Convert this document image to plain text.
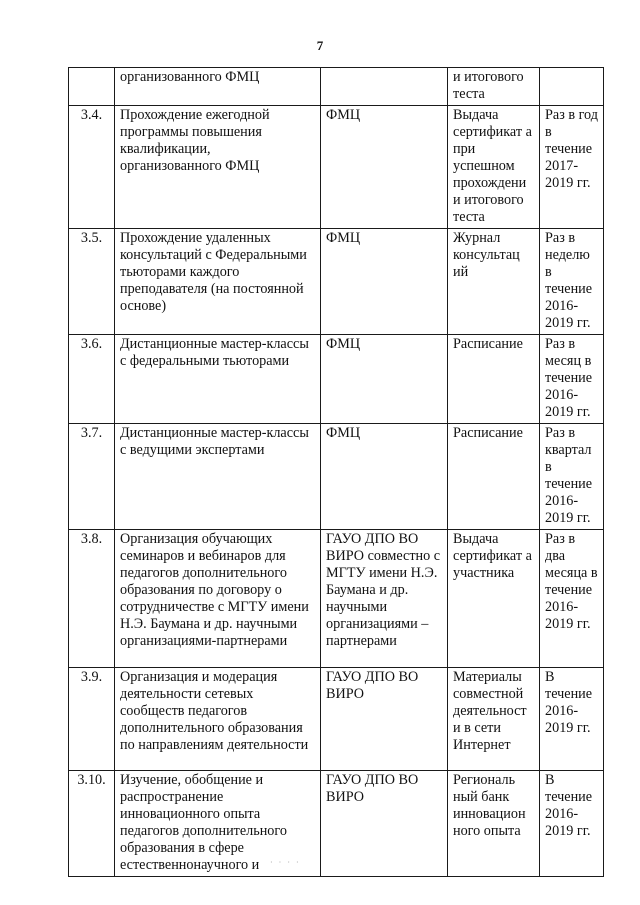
7
	организованного ФМЦ		и итогового теста	
3.4.	Прохождение ежегодной программы повышения квалификации, организованного ФМЦ	ФМЦ	Выдача сертификат а при успешном прохождени и итогового теста	Раз в год в течение 2017-2019 гг.
3.5.	Прохождение удаленных консультаций с Федеральными тьюторами каждого преподавателя (на постоянной основе)	ФМЦ	Журнал консультац ий	Раз в неделю в течение 2016-2019 гг.
3.6.	Дистанционные мастер-классы с федеральными тьюторами	ФМЦ	Расписание	Раз в месяц в течение 2016-2019 гг.
3.7.	Дистанционные мастер-классы с ведущими экспертами	ФМЦ	Расписание	Раз в квартал в течение 2016-2019 гг.
3.8.	Организация обучающих семинаров и вебинаров для педагогов дополнительного образования по договору о сотрудничестве с МГТУ имени Н.Э. Баумана и др. научными организациями-партнерами	ГАУО ДПО ВО ВИРО совместно с МГТУ имени Н.Э. Баумана и др. научными организациями – партнерами	Выдача сертификат а участника	Раз в два месяца в течение 2016-2019 гг.
3.9.	Организация и модерация деятельности сетевых сообществ педагогов дополнительного образования по направлениям деятельности	ГАУО ДПО ВО ВИРО	Материалы совместной деятельност и в сети Интернет	В течение 2016-2019 гг.
3.10.	Изучение, обобщение и распространение инновационного опыта педагогов дополнительного образования в сфере естественнонаучного и	ГАУО ДПО ВО ВИРО	Региональ ный банк инновацион ного опыта	В течение 2016-2019 гг.
· · · ·
